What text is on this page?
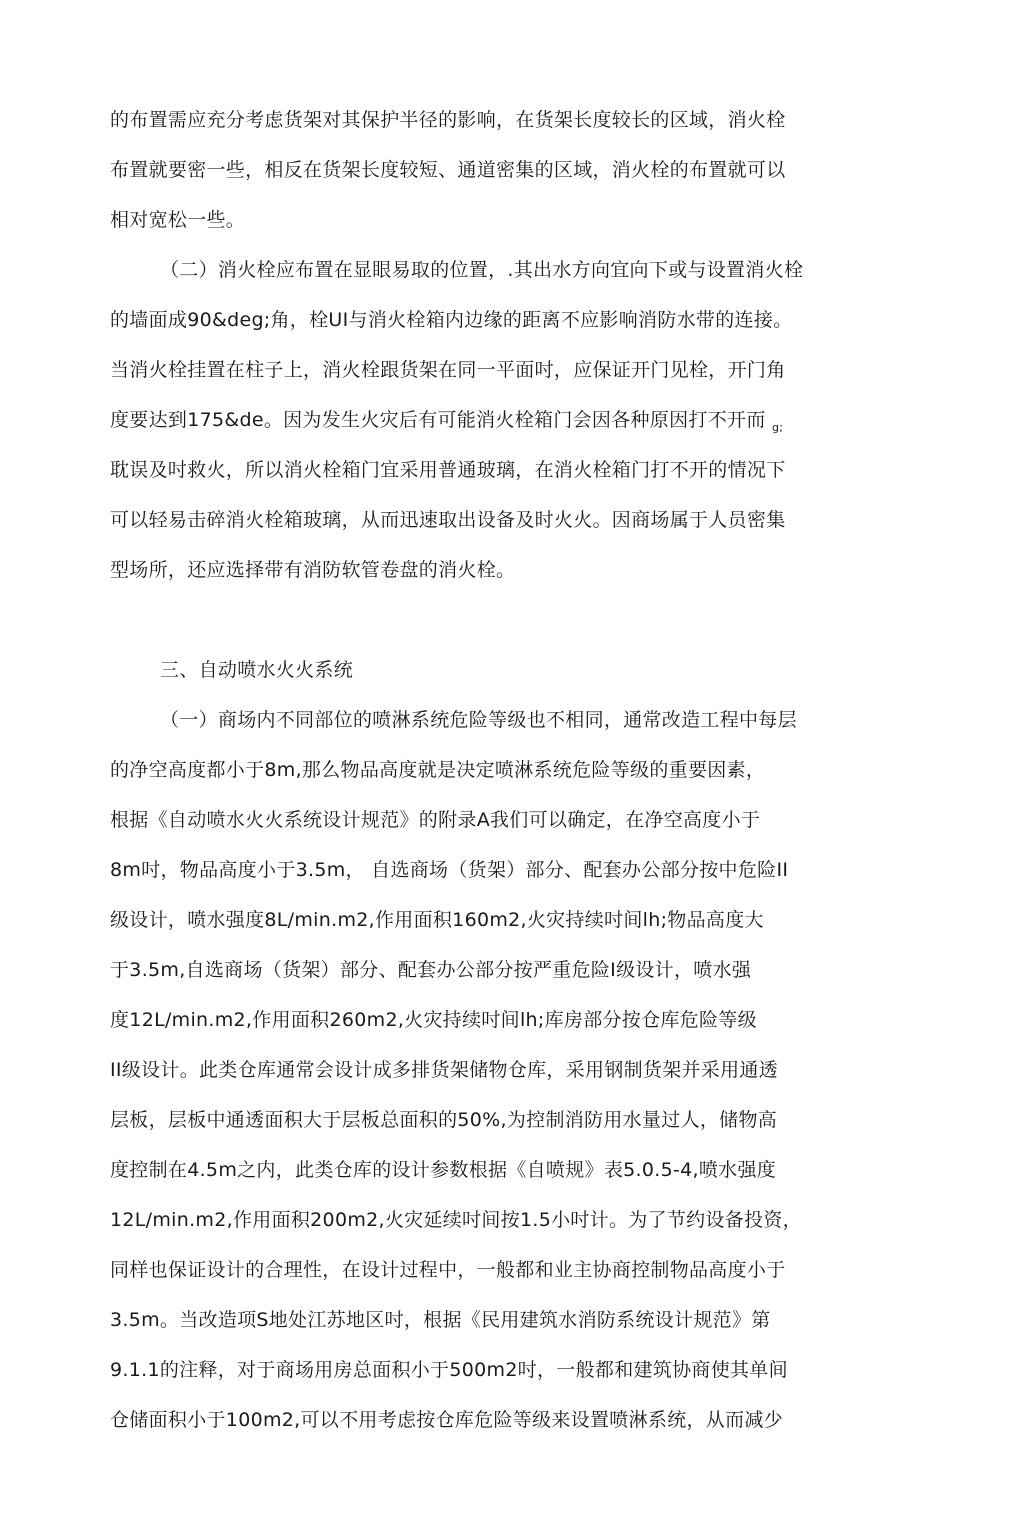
的布置需应充分考虑货架对其保护半径的影响，在货架长度较长的区域，消火栓
布置就要密一些，相反在货架长度较短、通道密集的区域，消火栓的布置就可以
相对宽松一些。
（二）消火栓应布置在显眼易取的位置，.其出水方向宜向下或与设置消火栓
的墙面成90&deg;角，栓UI与消火栓箱内边缘的距离不应影响消防水带的连接。
当消火栓挂置在柱子上，消火栓跟货架在同一平面吋，应保证开门见栓，开门角
度要达到175&de。因为发生火灾后有可能消火栓箱门会因各种原因打不开而 $_{g;}$
耽误及吋救火，所以消火栓箱门宜采用普通玻璃，在消火栓箱门打不开的情况下
可以轻易击碎消火栓箱玻璃，从而迅速取出设备及时火火。因商场属于人员密集
型场所，还应选择带有消防软管卷盘的消火栓。
三、自动喷水火火系统
（一）商场内不同部位的喷淋系统危险等级也不相同，通常改造工程中每层
的净空高度都小于8m,那么物品高度就是决定喷淋系统危险等级的重要因素，
根据《自动喷水火火系统设计规范》的附录A我们可以确定，在净空高度小于
8m吋，物品高度小于3.5m， 自选商场（货架）部分、配套办公部分按中危险II
级设计，喷水强度8L/min.m2,作用面积160m2,火灾持续吋间lh;物品高度大
于3.5m,自选商场（货架）部分、配套办公部分按严重危险I级设计，喷水强
度12L/min.m2,作用面积260m2,火灾持续吋间lh;库房部分按仓库危险等级
II级设计。此类仓库通常会设计成多排货架储物仓库，采用钢制货架并采用通透
层板，层板中通透面积大于层板总面积的50%,为控制消防用水量过人，储物高
度控制在4.5m之内，此类仓库的设计参数根据《自喷规》表5.0.5-4,喷水强度
12L/min.m2,作用面积200m2,火灾延续吋间按1.5小吋计。为了节约设备投资，
同样也保证设计的合理性，在设计过程中，一般都和业主协商控制物品高度小于
3.5m。当改造项S地处江苏地区吋，根据《民用建筑水消防系统设计规范》第
9.1.1的注释，对于商场用房总面积小于500m2吋，一般都和建筑协商使其单间
仓储面积小于100m2,可以不用考虑按仓库危险等级来设置喷淋系统，从而减少
